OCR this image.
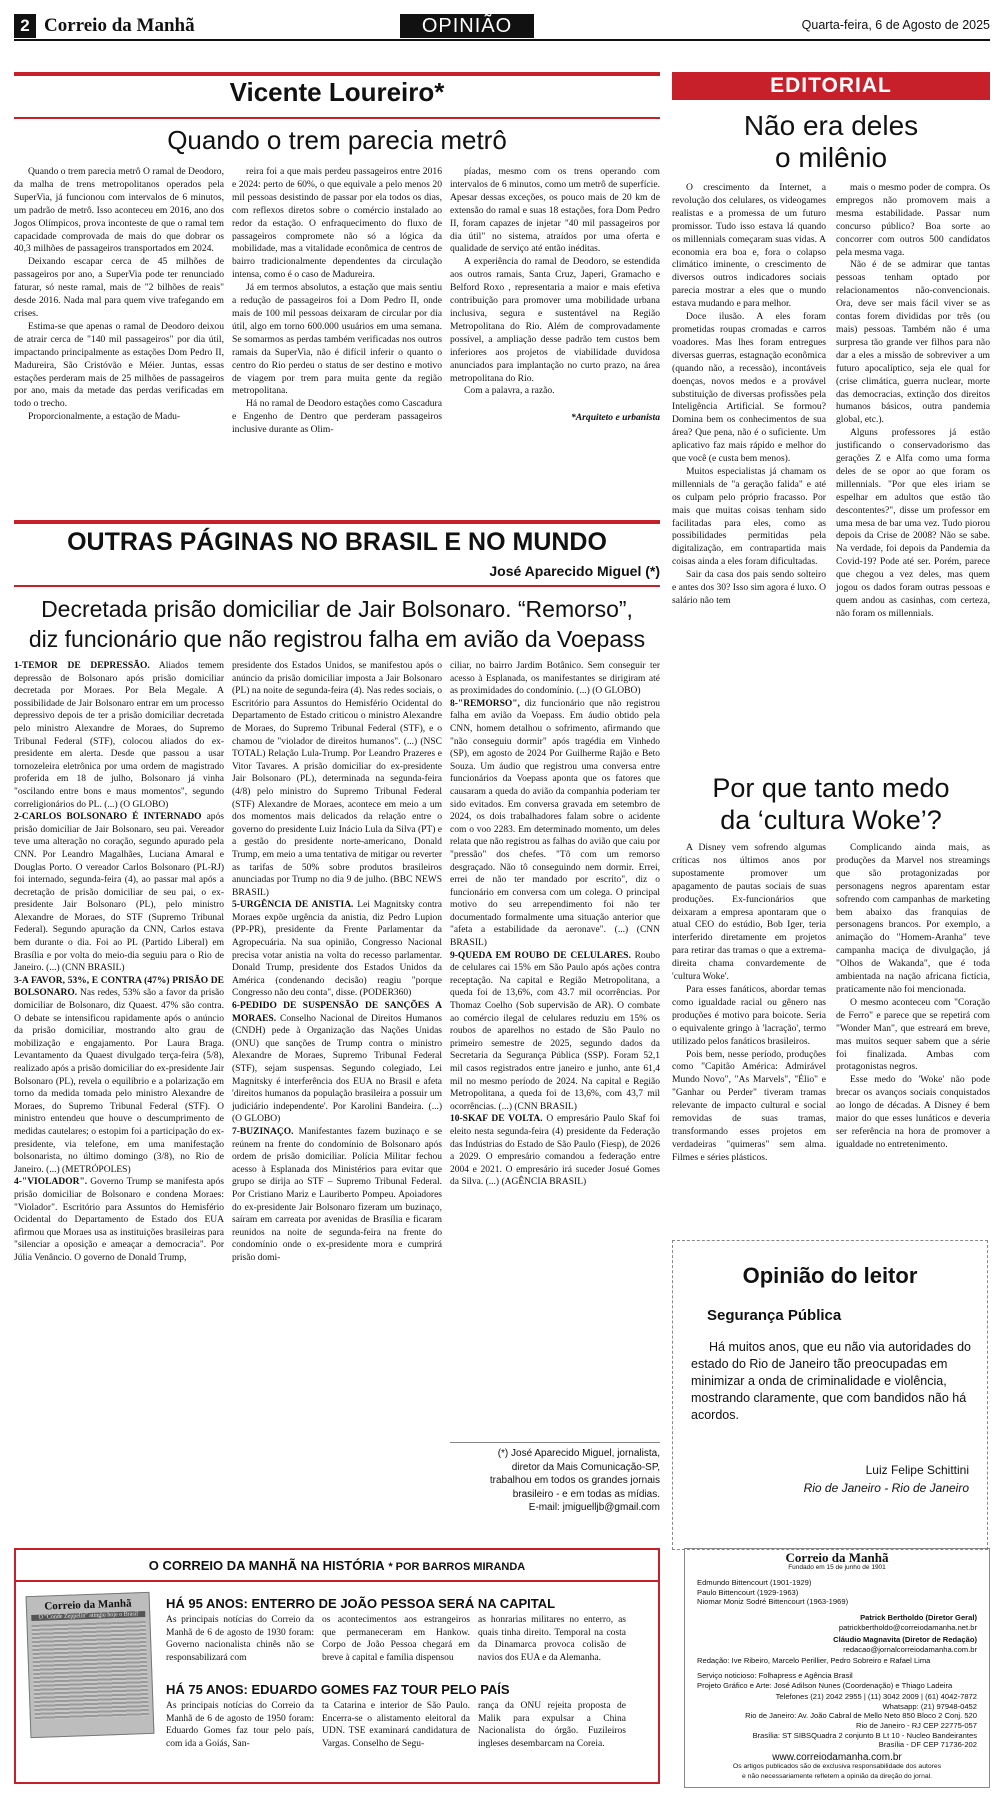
2 Correio da Manhã	OPINIÃO	Quarta-feira, 6 de Agosto de 2025
Vicente Loureiro*
Quando o trem parecia metrô

Quando o trem parecia metrô O ramal de Deodoro, da malha de trens metropolitanos operados pela SuperVia, já funcionou com intervalos de 6 minutos, um padrão de metrô. Isso aconteceu em 2016, ano dos Jogos Olímpicos, prova inconteste de que o ramal tem capacidade comprovada de mais do que dobrar os 40,3 milhões de passageiros transportados em 2024.

Deixando escapar cerca de 45 milhões de passageiros por ano, a SuperVia pode ter renunciado faturar, só neste ramal, mais de "2 bilhões de reais" desde 2016. Nada mal para quem vive trafegando em crises.

Estima-se que apenas o ramal de Deodoro deixou de atrair cerca de "140 mil passageiros" por dia útil, impactando principalmente as estações Dom Pedro II, Madureira, São Cristóvão e Méier. Juntas, essas estações perderam mais de 25 milhões de passageiros por ano, mais da metade das perdas verificadas em todo o trecho.

Proporcionalmente, a estação de Madu-

reira foi a que mais perdeu passageiros entre 2016 e 2024: perto de 60%, o que equivale a pelo menos 20 mil pessoas desistindo de passar por ela todos os dias, com reflexos diretos sobre o comércio instalado ao redor da estação. O enfraquecimento do fluxo de passageiros compromete não só a lógica da mobilidade, mas a vitalidade econômica de centros de bairro tradicionalmente dependentes da circulação intensa, como é o caso de Madureira.

Já em termos absolutos, a estação que mais sentiu a redução de passageiros foi a Dom Pedro II, onde mais de 100 mil pessoas deixaram de circular por dia útil, algo em torno 600.000 usuários em uma semana. Se somarmos as perdas também verificadas nos outros ramais da SuperVia, não é difícil inferir o quanto o centro do Rio perdeu o status de ser destino e motivo de viagem por trem para muita gente da região metropolitana.

Há no ramal de Deodoro estações como Cascadura e Engenho de Dentro que perderam passageiros inclusive durante as Olim-

píadas, mesmo com os trens operando com intervalos de 6 minutos, como um metrô de superfície. Apesar dessas exceções, os pouco mais de 20 km de extensão do ramal e suas 18 estações, fora Dom Pedro II, foram capazes de injetar "40 mil passageiros por dia útil" no sistema, atraídos por uma oferta e qualidade de serviço até então inéditas.

A experiência do ramal de Deodoro, se estendida aos outros ramais, Santa Cruz, Japeri, Gramacho e Belford Roxo , representaria a maior e mais efetiva contribuição para promover uma mobilidade urbana inclusiva, segura e sustentável na Região Metropolitana do Rio. Além de comprovadamente possível, a ampliação desse padrão tem custos bem inferiores aos projetos de viabilidade duvidosa anunciados para implantação no curto prazo, na área metropolitana do Rio.

Com a palavra, a razão.

*Arquiteto e urbanista

OUTRAS PÁGINAS NO BRASIL E NO MUNDO
José Aparecido Miguel (*)
Decretada prisão domiciliar de Jair Bolsonaro. “Remorso”, diz funcionário que não registrou falha em avião da Voepass

1-TEMOR DE DEPRESSÃO. Aliados temem depressão de Bolsonaro após prisão domiciliar decretada por Moraes. Por Bela Megale. A possibilidade de Jair Bolsonaro entrar em um processo depressivo depois de ter a prisão domiciliar decretada pelo ministro Alexandre de Moraes, do Supremo Tribunal Federal (STF), colocou aliados do ex-presidente em alerta. Desde que passou a usar tornozeleira eletrônica por uma ordem de magistrado proferida em 18 de julho, Bolsonaro já vinha "oscilando entre bons e maus momentos", segundo correligionários do PL. (...) (O GLOBO)

2-CARLOS BOLSONARO É INTERNADO após prisão domiciliar de Jair Bolsonaro, seu pai. Vereador teve uma alteração no coração, segundo apurado pela CNN. Por Leandro Magalhães, Luciana Amaral e Douglas Porto. O vereador Carlos Bolsonaro (PL-RJ) foi internado, segunda-feira (4), ao passar mal após a decretação de prisão domiciliar de seu pai, o ex-presidente Jair Bolsonaro (PL), pelo ministro Alexandre de Moraes, do STF (Supremo Tribunal Federal). Segundo apuração da CNN, Carlos estava bem durante o dia. Foi ao PL (Partido Liberal) em Brasília e por volta do meio-dia seguiu para o Rio de Janeiro. (...) (CNN BRASIL)

3-A FAVOR, 53%, E CONTRA (47%) PRISÃO DE BOLSONARO. Nas redes, 53% são a favor da prisão domiciliar de Bolsonaro, diz Quaest. 47% são contra. O debate se intensificou rapidamente após o anúncio da prisão domiciliar, mostrando alto grau de mobilização e engajamento. Por Laura Braga. Levantamento da Quaest divulgado terça-feira (5/8), realizado após a prisão domiciliar do ex-presidente Jair Bolsonaro (PL), revela o equilíbrio e a polarização em torno da medida tomada pelo ministro Alexandre de Moraes, do Supremo Tribunal Federal (STF). O ministro entendeu que houve o descumprimento de medidas cautelares; o estopim foi a participação do ex-presidente, via telefone, em uma manifestação bolsonarista, no último domingo (3/8), no Rio de Janeiro. (...) (METRÓPOLES)

4-"VIOLADOR". Governo Trump se manifesta após prisão domiciliar de Bolsonaro e condena Moraes: "Violador". Escritório para Assuntos do Hemisfério Ocidental do Departamento de Estado dos EUA afirmou que Moraes usa as instituições brasileiras para "silenciar a oposição e ameaçar a democracia". Por Júlia Venâncio. O governo de Donald Trump,

presidente dos Estados Unidos, se manifestou após o anúncio da prisão domiciliar imposta a Jair Bolsonaro (PL) na noite de segunda-feira (4). Nas redes sociais, o Escritório para Assuntos do Hemisfério Ocidental do Departamento de Estado criticou o ministro Alexandre de Moraes, do Supremo Tribunal Federal (STF), e o chamou de "violador de direitos humanos". (...) (NSC TOTAL) Relação Lula-Trump. Por Leandro Prazeres e Vitor Tavares. A prisão domiciliar do ex-presidente Jair Bolsonaro (PL), determinada na segunda-feira (4/8) pelo ministro do Supremo Tribunal Federal (STF) Alexandre de Moraes, acontece em meio a um dos momentos mais delicados da relação entre o governo do presidente Luiz Inácio Lula da Silva (PT) e a gestão do presidente norte-americano, Donald Trump, em meio a uma tentativa de mitigar ou reverter as tarifas de 50% sobre produtos brasileiros anunciadas por Trump no dia 9 de julho. (BBC NEWS BRASIL)

5-URGÊNCIA DE ANISTIA. Lei Magnitsky contra Moraes expõe urgência da anistia, diz Pedro Lupion (PP-PR), presidente da Frente Parlamentar da Agropecuária. Na sua opinião, Congresso Nacional precisa votar anistia na volta do recesso parlamentar. Donald Trump, presidente dos Estados Unidos da América (condenando decisão) reagiu "porque Congresso não deu conta", disse. (PODER360)

6-PEDIDO DE SUSPENSÃO DE SANÇÕES A MORAES. Conselho Nacional de Direitos Humanos (CNDH) pede à Organização das Nações Unidas (ONU) que sanções de Trump contra o ministro Alexandre de Moraes, Supremo Tribunal Federal (STF), sejam suspensas. Segundo colegiado, Lei Magnitsky é interferência dos EUA no Brasil e afeta 'direitos humanos da população brasileira a possuir um judiciário independente'. Por Karolini Bandeira. (...) (O GLOBO)

7-BUZINAÇO. Manifestantes fazem buzinaço e se reúnem na frente do condomínio de Bolsonaro após ordem de prisão domiciliar. Polícia Militar fechou acesso à Esplanada dos Ministérios para evitar que grupo se dirija ao STF – Supremo Tribunal Federal. Por Cristiano Mariz e Lauriberto Pompeu. Apoiadores do ex-presidente Jair Bolsonaro fizeram um buzinaço, saíram em carreata por avenidas de Brasília e ficaram reunidos na noite de segunda-feira na frente do condomínio onde o ex-presidente mora e cumprirá prisão domi-

ciliar, no bairro Jardim Botânico. Sem conseguir ter acesso à Esplanada, os manifestantes se dirigiram até as proximidades do condomínio. (...) (O GLOBO)

8-"REMORSO", diz funcionário que não registrou falha em avião da Voepass. Em áudio obtido pela CNN, homem detalhou o sofrimento, afirmando que "não conseguiu dormir" após tragédia em Vinhedo (SP), em agosto de 2024 Por Guilherme Rajão e Beto Souza. Um áudio que registrou uma conversa entre funcionários da Voepass aponta que os fatores que causaram a queda do avião da companhia poderiam ter sido evitados. Em conversa gravada em setembro de 2024, os dois trabalhadores falam sobre o acidente com o voo 2283. Em determinado momento, um deles relata que não registrou as falhas do avião que caiu por "pressão" dos chefes. "Tô com um remorso desgraçado. Não tô conseguindo nem dormir. Errei, errei de não ter mandado por escrito", diz o funcionário em conversa com um colega. O principal motivo do seu arrependimento foi não ter documentado formalmente uma situação anterior que "afeta a estabilidade da aeronave". (...) (CNN BRASIL)

9-QUEDA EM ROUBO DE CELULARES. Roubo de celulares cai 15% em São Paulo após ações contra receptação. Na capital e Região Metropolitana, a queda foi de 13,6%, com 43.7 mil ocorrências. Por Thomaz Coelho (Sob supervisão de AR). O combate ao comércio ilegal de celulares reduziu em 15% os roubos de aparelhos no estado de São Paulo no primeiro semestre de 2025, segundo dados da Secretaria da Segurança Pública (SSP). Foram 52,1 mil casos registrados entre janeiro e junho, ante 61,4 mil no mesmo período de 2024. Na capital e Região Metropolitana, a queda foi de 13,6%, com 43,7 mil ocorrências. (...) (CNN BRASIL)

10-SKAF DE VOLTA. O empresário Paulo Skaf foi eleito nesta segunda-feira (4) presidente da Federação das Indústrias do Estado de São Paulo (Fiesp), de 2026 a 2029. O empresário comandou a federação entre 2004 e 2021. O empresário irá suceder Josué Gomes da Silva. (...) (AGÊNCIA BRASIL)

(*) José Aparecido Miguel, jornalista,
diretor da Mais Comunicação-SP,
trabalhou em todos os grandes jornais
brasileiro - e em todas as mídias.
E-mail: jmiguelljb@gmail.com
EDITORIAL
Não era deles
o milênio

O crescimento da Internet, a revolução dos celulares, os videogames realistas e a promessa de um futuro promissor. Tudo isso estava lá quando os millennials começaram suas vidas. A economia era boa e, fora o colapso climático iminente, o crescimento de diversos outros indicadores sociais parecia mostrar a eles que o mundo estava mudando e para melhor.

Doce ilusão. A eles foram prometidas roupas cromadas e carros voadores. Mas lhes foram entregues diversas guerras, estagnação econômica (quando não, a recessão), incontáveis doenças, novos medos e a provável substituição de diversas profissões pela Inteligência Artificial. Se formou? Domina bem os conhecimentos de sua área? Que pena, não é o suficiente. Um aplicativo faz mais rápido e melhor do que você (e custa bem menos).

Muitos especialistas já chamam os millennials de "a geração falida" e até os culpam pelo próprio fracasso. Por mais que muitas coisas tenham sido facilitadas para eles, como as possibilidades permitidas pela digitalização, em contrapartida mais coisas ainda a eles foram dificultadas.

Sair da casa dos pais sendo solteiro e antes dos 30? Isso sim agora é luxo. O salário não tem

mais o mesmo poder de compra. Os empregos não promovem mais a mesma estabilidade. Passar num concurso público? Boa sorte ao concorrer com outros 500 candidatos pela mesma vaga.

Não é de se admirar que tantas pessoas tenham optado por relacionamentos não-convencionais. Ora, deve ser mais fácil viver se as contas forem divididas por três (ou mais) pessoas. Também não é uma surpresa tão grande ver filhos para não dar a eles a missão de sobreviver a um futuro apocalíptico, seja ele qual for (crise climática, guerra nuclear, morte das democracias, extinção dos direitos humanos básicos, outra pandemia global, etc.).

Alguns professores já estão justificando o conservadorismo das gerações Z e Alfa como uma forma deles de se opor ao que foram os millennials. "Por que eles iriam se espelhar em adultos que estão tão descontentes?", disse um professor em uma mesa de bar uma vez. Tudo piorou depois da Crise de 2008? Não se sabe. Na verdade, foi depois da Pandemia da Covid-19? Pode até ser. Porém, parece que chegou a vez deles, mas quem jogou os dados foram outras pessoas e quem andou as casinhas, com certeza, não foram os millennials.

Por que tanto medo
da ‘cultura Woke’?

A Disney vem sofrendo algumas críticas nos últimos anos por supostamente promover um apagamento de pautas sociais de suas produções. Ex-funcionários que deixaram a empresa apontaram que o atual CEO do estúdio, Bob Iger, teria interferido diretamente em projetos para retirar das tramas o que a extrema-direita chama convardemente de 'cultura Woke'.

Para esses fanáticos, abordar temas como igualdade racial ou gênero nas produções é motivo para boicote. Seria o equivalente gringo à 'lacração', termo utilizado pelos fanáticos brasileiros.

Pois bem, nesse período, produções como "Capitão América: Admirável Mundo Novo", "As Marvels", "Élio" e "Ganhar ou Perder" tiveram tramas relevante de impacto cultural e social removidas de suas tramas, transformando esses projetos em verdadeiras "quimeras" sem alma. Filmes e séries plásticos.

Complicando ainda mais, as produções da Marvel nos streamings que são protagonizadas por personagens negros aparentam estar sofrendo com campanhas de marketing bem abaixo das franquias de personagens brancos. Por exemplo, a animação do "Homem-Aranha" teve campanha maciça de divulgação, já "Olhos de Wakanda", que é toda ambientada na nação africana fictícia, praticamente não foi mencionada.

O mesmo aconteceu com "Coração de Ferro" e parece que se repetirá com "Wonder Man", que estreará em breve, mas muitos sequer sabem que a série foi finalizada. Ambas com protagonistas negros.

Esse medo do 'Woke' não pode brecar os avanços sociais conquistados ao longo de décadas. A Disney é bem maior do que esses lunáticos e deveria ser referência na hora de promover a igualdade no entretenimento.

Opinião do leitor
Segurança Pública
Há muitos anos, que eu não via autoridades do estado do Rio de Janeiro tão preocupadas em minimizar a onda de criminalidade e violência, mostrando claramente, que com bandidos não há acordos.
Luiz Felipe Schittini
Rio de Janeiro - Rio de Janeiro
O CORREIO DA MANHÃ NA HISTÓRIA * POR BARROS MIRANDA
Correio da Manhã
O "Conde Zeppelin" atingiu hoje o Brasil
HÁ 95 ANOS: ENTERRO DE JOÃO PESSOA SERÁ NA CAPITAL
As principais notícias do Correio da Manhã de 6 de agosto de 1930 foram: Governo nacionalista chinês não se responsabilizará com
os acontecimentos aos estrangeiros que permaneceram em Hankow. Corpo de João Pessoa chegará em breve à capital e família dispensou
as honrarias militares no enterro, as quais tinha direito. Temporal na costa da Dinamarca provoca colisão de navios dos EUA e da Alemanha.
HÁ 75 ANOS: EDUARDO GOMES FAZ TOUR PELO PAÍS
As principais notícias do Correio da Manhã de 6 de agosto de 1950 foram: Eduardo Gomes faz tour pelo país, com ida a Goiás, San-
ta Catarina e interior de São Paulo. Encerra-se o alistamento eleitoral da UDN. TSE examinará candidatura de Vargas. Conselho de Segu-
rança da ONU rejeita proposta de Malik para expulsar a China Nacionalista do órgão. Fuzileiros ingleses desembarcam na Coreia.
Correio da Manhã
Fundado em 15 de junho de 1901
Edmundo Bittencourt (1901-1929)
Paulo Bittencourt (1929-1963)
Niomar Moniz Sodré Bittencourt (1963-1969)
Patrick Bertholdo (Diretor Geral)
patrickbertholdo@correiodamanha.net.br
Cláudio Magnavita (Diretor de Redação)
redacao@jornalcorreiodamanha.com.br
Redação: Ive Ribeiro, Marcelo Perillier, Pedro Sobreiro e Rafael Lima
Serviço noticioso: Folhapress e Agência Brasil
Projeto Gráfico e Arte: José Adilson Nunes (Coordenação) e Thiago Ladeira
Telefones (21) 2042 2955 | (11) 3042 2009 | (61) 4042-7872
Whatsapp: (21) 97948-0452
Rio de Janeiro: Av. João Cabral de Mello Neto 850 Bloco 2 Conj. 520
Rio de Janeiro - RJ CEP 22775-057
Brasília: ST SIBSQuadra 2 conjunto B Lt 10 - Nucleo Bandeirantes
Brasília - DF CEP 71736-202
www.correiodamanha.com.br
Os artigos publicados são de exclusiva responsabilidade dos autores
e não necessariamente refletem a opinião da direção do jornal.
